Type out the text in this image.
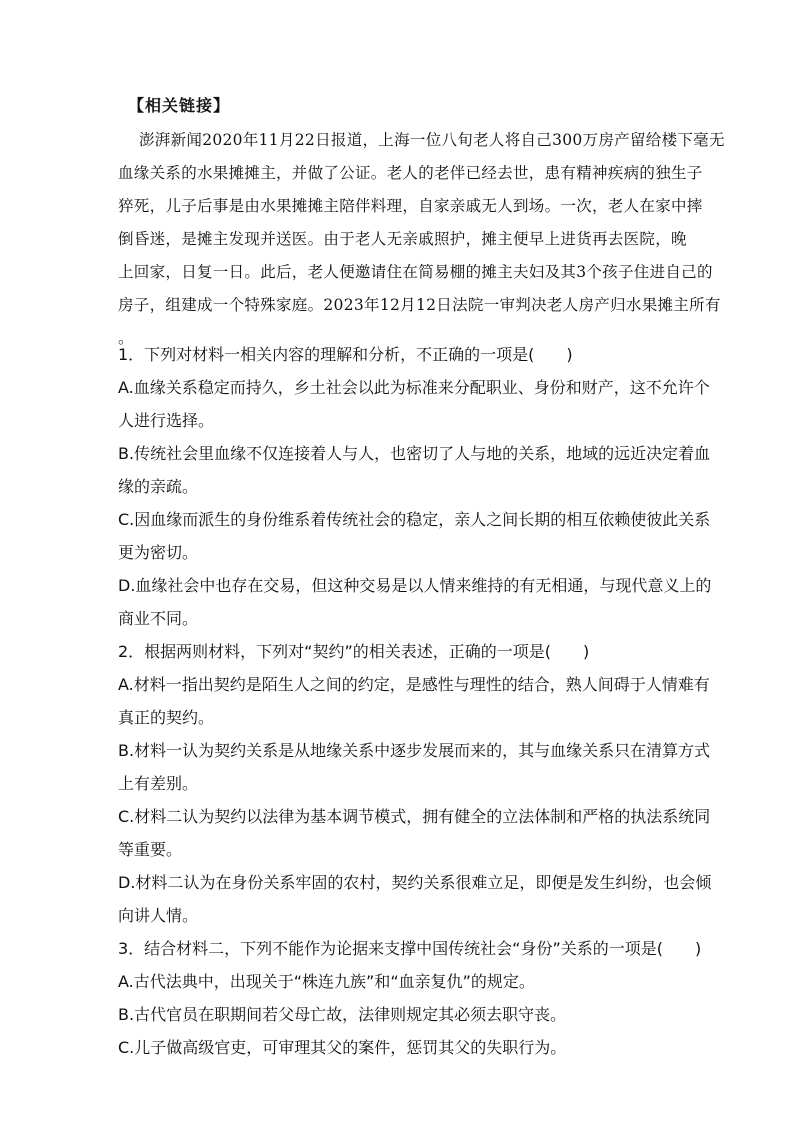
【相关链接】
澎湃新闻2020年11月22日报道，上海一位八旬老人将自己300万房产留给楼下毫无
血缘关系的水果摊摊主，并做了公证。老人的老伴已经去世，患有精神疾病的独生子
猝死，儿子后事是由水果摊摊主陪伴料理，自家亲戚无人到场。一次，老人在家中摔
倒昏迷，是摊主发现并送医。由于老人无亲戚照护，摊主便早上进货再去医院，晚
上回家，日复一日。此后，老人便邀请住在简易棚的摊主夫妇及其3个孩子住进自己的
房子，组建成一个特殊家庭。2023年12月12日法院一审判决老人房产归水果摊主所有
。
1．下列对材料一相关内容的理解和分析，不正确的一项是(　　)
A.血缘关系稳定而持久，乡土社会以此为标准来分配职业、身份和财产，这不允许个
人进行选择。
B.传统社会里血缘不仅连接着人与人，也密切了人与地的关系，地域的远近决定着血
缘的亲疏。
C.因血缘而派生的身份维系着传统社会的稳定，亲人之间长期的相互依赖使彼此关系
更为密切。
D.血缘社会中也存在交易，但这种交易是以人情来维持的有无相通，与现代意义上的
商业不同。
2．根据两则材料，下列对“契约”的相关表述，正确的一项是(　　)
A.材料一指出契约是陌生人之间的约定，是感性与理性的结合，熟人间碍于人情难有
真正的契约。
B.材料一认为契约关系是从地缘关系中逐步发展而来的，其与血缘关系只在清算方式
上有差别。
C.材料二认为契约以法律为基本调节模式，拥有健全的立法体制和严格的执法系统同
等重要。
D.材料二认为在身份关系牢固的农村，契约关系很难立足，即便是发生纠纷，也会倾
向讲人情。
3．结合材料二，下列不能作为论据来支撑中国传统社会“身份”关系的一项是(　　)
A.古代法典中，出现关于“株连九族”和“血亲复仇”的规定。
B.古代官员在职期间若父母亡故，法律则规定其必须去职守丧。
C.儿子做高级官吏，可审理其父的案件，惩罚其父的失职行为。
